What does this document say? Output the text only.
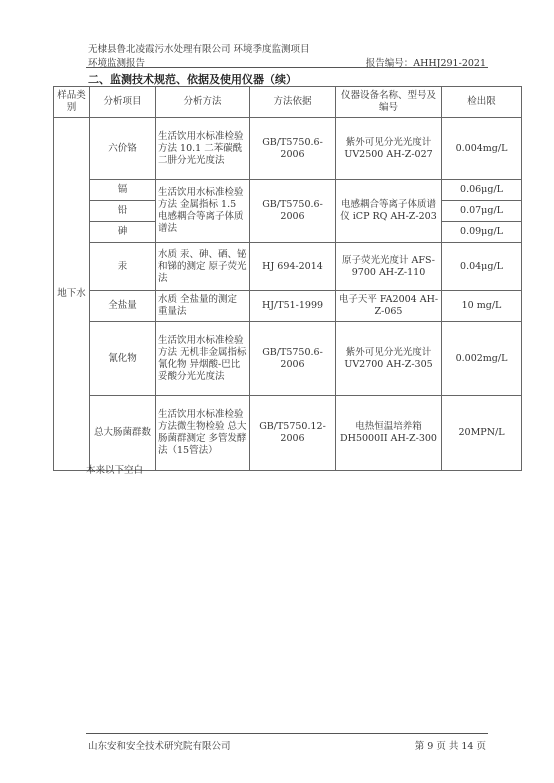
无棣县鲁北凌霞污水处理有限公司 环境季度监测项目
环境监测报告	报告编号：AHHJ291-2021
二、监测技术规范、依据及使用仪器（续）
样品类别	分析项目	分析方法	方法依据	仪器设备名称、型号及编号	检出限
地下水	六价铬	生活饮用水标准检验方法 10.1 二苯碳酰二肼分光光度法	GB/T5750.6-2006	紫外可见分光光度计 UV2500 AH-Z-027	0.004mg/L
	镉	生活饮用水标准检验方法 金属指标 1.5 电感耦合等离子体质谱法	GB/T5750.6-2006	电感耦合等离子体质谱仪 iCP RQ AH-Z-203	0.06μg/L
	铅				0.07μg/L
	砷				0.09μg/L
	汞	水质 汞、砷、硒、铋和锑的测定 原子荧光法	HJ 694-2014	原子荧光光度计 AFS-9700 AH-Z-110	0.04μg/L
	全盐量	水质 全盐量的测定 重量法	HJ/T51-1999	电子天平 FA2004 AH-Z-065	10 mg/L
	氰化物	生活饮用水标准检验方法 无机非金属指标 氰化物 异烟酸-巴比妥酸分光光度法	GB/T5750.6-2006	紫外可见分光光度计 UV2700 AH-Z-305	0.002mg/L
	总大肠菌群数	生活饮用水标准检验方法微生物检验 总大肠菌群测定 多管发酵法（15管法）	GB/T5750.12-2006	电热恒温培养箱 DH5000II AH-Z-300	20MPN/L
本来以下空白
山东安和安全技术研究院有限公司	第 9 页 共 14 页
